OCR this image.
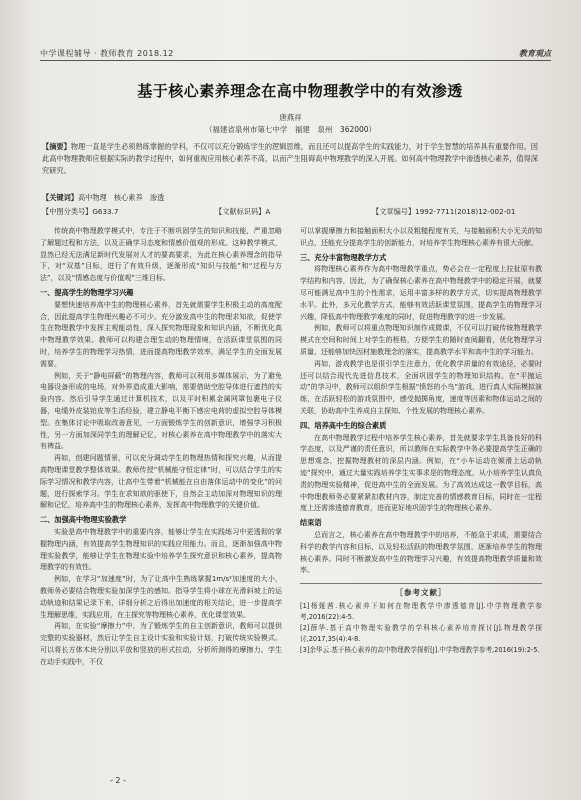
中学课程辅导 · 教师教育 2018.12	教育观点
基于核心素养理念在高中物理教学中的有效渗透
唐燕祥
（福建省泉州市第七中学　福建　泉州　362000）
【摘要】物理一直是学生必须熟练掌握的学科，不仅可以充分锻炼学生的逻辑思维，而且还可以提高学生的实践能力，对于学生智慧的培养具有重要作用。因此高中物理教师应根据实际的教学过程中，如何重视应用核心素养不高，以而产生阻碍高中物理教学的深入开展。如何高中物理教学中渗透核心素养，值得深究研究。
【关键词】高中物理　核心素养　渗透
【中图分类号】G633.7	【文献标识码】A	【文章编号】1992-7711(2018)12-002-01

传统高中物理教学模式中，专注于不断巩固学生的知识和技能，严重忽略了解题过程和方法，以及正确学习态度和情感价值观的形成。这种教学模式，显然已经无法满足新时代发展对人才的要高要求，为此在核心素养理念的指导下，对“双基”目标，进行了有效升级，逐渐形成“知识与技能”和“过程与方法”，以及“情感态度与价值观”三维目标。

一、提高学生的物理学习兴趣

要想快速培养高中生的物理核心素养，首先就需要学生积极主动的高度配合，因此提高学生物理兴趣必不可少。充分激发高中生的物理求知欲，促使学生在物理教学中发挥主观能动性，深入探究物理现象和知识内涵，不断优化高中物理教学效果。教师可以构建合理生动的物理情境，在活跃课堂氛围的同时，培养学生的物理学习热情，进而提高物理教学效率，满足学生的全面发展需要。

例如，关于“静电屏蔽”的物理内容，教师可以利用多媒体展示，为了避免电器设备形成的电场，对外界造成重大影响，需要借助空腔导体进行遮挡的实验内容。然后引导学生通过计算机技术，以及平时积累金属网罩包裹电子仪器，电缆外皮装铂皮等生活经验，建立静电平衡下感应电荷的虚拟空腔导体模型。在集体讨论中吸取改善意见，一方面锻炼学生的创新意识，增强学习积极性，另一方面加深同学生的理解记忆，对核心素养在高中物理教学中的落实大有裨益。

再如，创建问题情景，可以充分调动学生的物理热情和探究兴趣，从而提高物理课堂教学整体效果。教师传授“机械能守恒定律”时，可以结合学生的实际学习情况和教学内容，让高中生带着“机械能在自由落体运动中的变化”的问题，进行探索学习。学生在求知欲的驱使下，自然会主动加深对物理知识的理解和记忆，培养高中生的物理核心素养，发挥高中物理教学的关键价值。

二、加强高中物理实验教学

实验是高中物理教学中的重要内容，能够让学生在实践练习中更透彻的掌握物理内涵，有效提高学生物理知识的实践应用能力。而且，逐渐加强高中物理实验教学，能够让学生在物理实验中培养学生探究意识和核心素养，提高物理教学的有效性。

例如，在学习“加速度”时，为了让高中生熟练掌握1m/s²加速度的大小，教师务必要结合物理实验加深学生的感知。指导学生将小球在光滑斜坡上的运动轨迹和结果记录下来，详细分析之后得出加速度的相关结论，进一步提高学生理解思维，实践应用，在主探究等物理核心素养，优化课堂效果。

再如，在实验“摩擦力”中，为了锻炼学生的自主创新意识，教师可以提供完整的实验器材，然后让学生自主设计实验和实验计划，打破传统实验模式。可以将长方体木块分别以平放和竖放的形式拉动，分析所测得的摩擦力。学生在动手实践中，不仅

可以掌握摩擦力和接触面积大小以及粗糙程度有关，与接触面积大小无关的知识点，还能充分提高学生的创新能力，对培养学生物理核心素养有很大贡献。

三、充分丰富物理教学方式

将物理核心素养作为高中物理教学重点，势必会在一定程度上拉扯原有教学结构和内容，因此，为了确保核心素养在高中物理教学中的稳定开展，就要尽可能满足高中生的个性需求，运用丰富多样的教学方式，切实提高物理教学水平。此外，多元化教学方式，能够有效活跃课堂氛围，提高学生的物理学习兴趣，降低高中物理教学难度的同时，促进物理教学的进一步发展。

例如，教师可以将重点物理知识制作成微课，不仅可以打破传统物理教学模式在空间和时间上对学生的桎梏，方便学生的随时查阅翻看，优化物理学习质量，还能够加快因材施教理念的落实，提高教学水平和高中生的学习能力。

再如，游戏教学也是很引学生注意力，优化教学质量的有效途径，必要时还可以结合现代先进信息技术，全面巩固学生的物理知识结构。在“平抛运动”的学习中，教师可以组织学生根据“愤怒的小鸟”游戏，进行真人实际模拟演练，在活跃轻松的游戏氛围中，感受抛掷角度，速度等因素和物体运动之间的关联，协助高中生养成自主探知、个性发展的物理核心素养。

四、培养高中生的综合素质

在高中物理教学过程中培养学生核心素养，首先就要求学生具备良好的科学态度，以及严谨的责任意识，所以教师在实际教学中务必要提高学生正确的思想观念，挖掘物理教材的深层内涵。例如，在“小车运动在倾滑上运动轨迹”探究中，通过大量实践培养学生实事求是的物理态度，从小培养学生认真负责的物理实验精神，促进高中生的全面发展。为了高效达成这一教学目标，高中物理教师务必要紧紧扣教材内容，制定完善的情感教育目标，同时在一定程度上还需渗透德育教育，进而更好地巩固学生的物理核心素养。

结束语

总而言之，核心素养在高中物理教学中的培养，不能急于求成，需要结合科学的教学内容和目标，以及轻松活跃的物理教学氛围，逐渐培养学生的物理核心素养。同时不断激发高中生的物理学习兴趣，有效提高物理教学质量和效率。

［参考文献］
[1]杨娅茜.核心素养下如何在物理教学中渗透德育[J].中学物理教学参考,2016(22):4-5.
[2]薛华.基于高中物理实验教学的学科核心素养培育探讨[J].物理教学探讨,2017,35(4):4-8.
[3]余华云.基于核心素养的高中物理教学探析[J].中学物理教学参考,2016(19):2-5.
- 2 -
